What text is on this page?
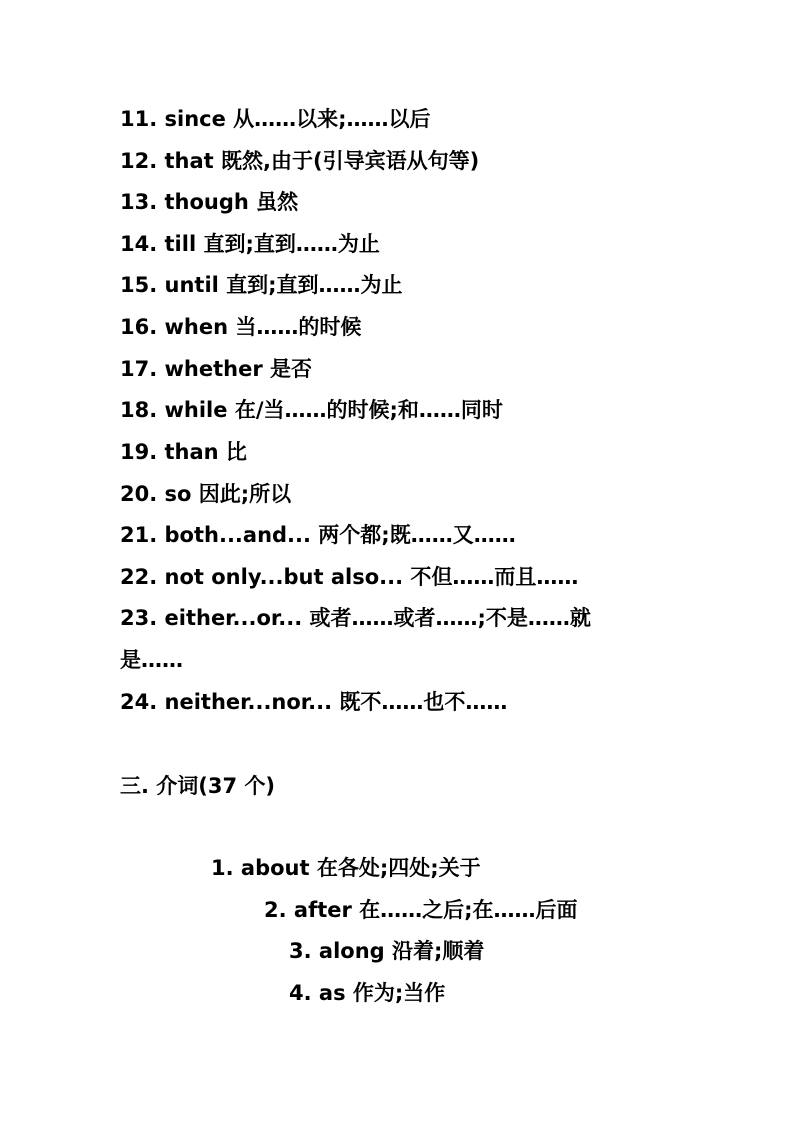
11. since 从……以来;……以后
12. that 既然,由于(引导宾语从句等)
13. though 虽然
14. till 直到;直到……为止
15. until 直到;直到……为止
16. when 当……的时候
17. whether 是否
18. while 在/当……的时候;和……同时
19. than 比
20. so 因此;所以
21. both...and... 两个都;既……又……
22. not only...but also... 不但……而且……
23. either...or... 或者……或者……;不是……就
是……
24. neither...nor... 既不……也不……
三. 介词(37 个)
1. about 在各处;四处;关于
2. after 在……之后;在……后面
3. along 沿着;顺着
4. as 作为;当作
